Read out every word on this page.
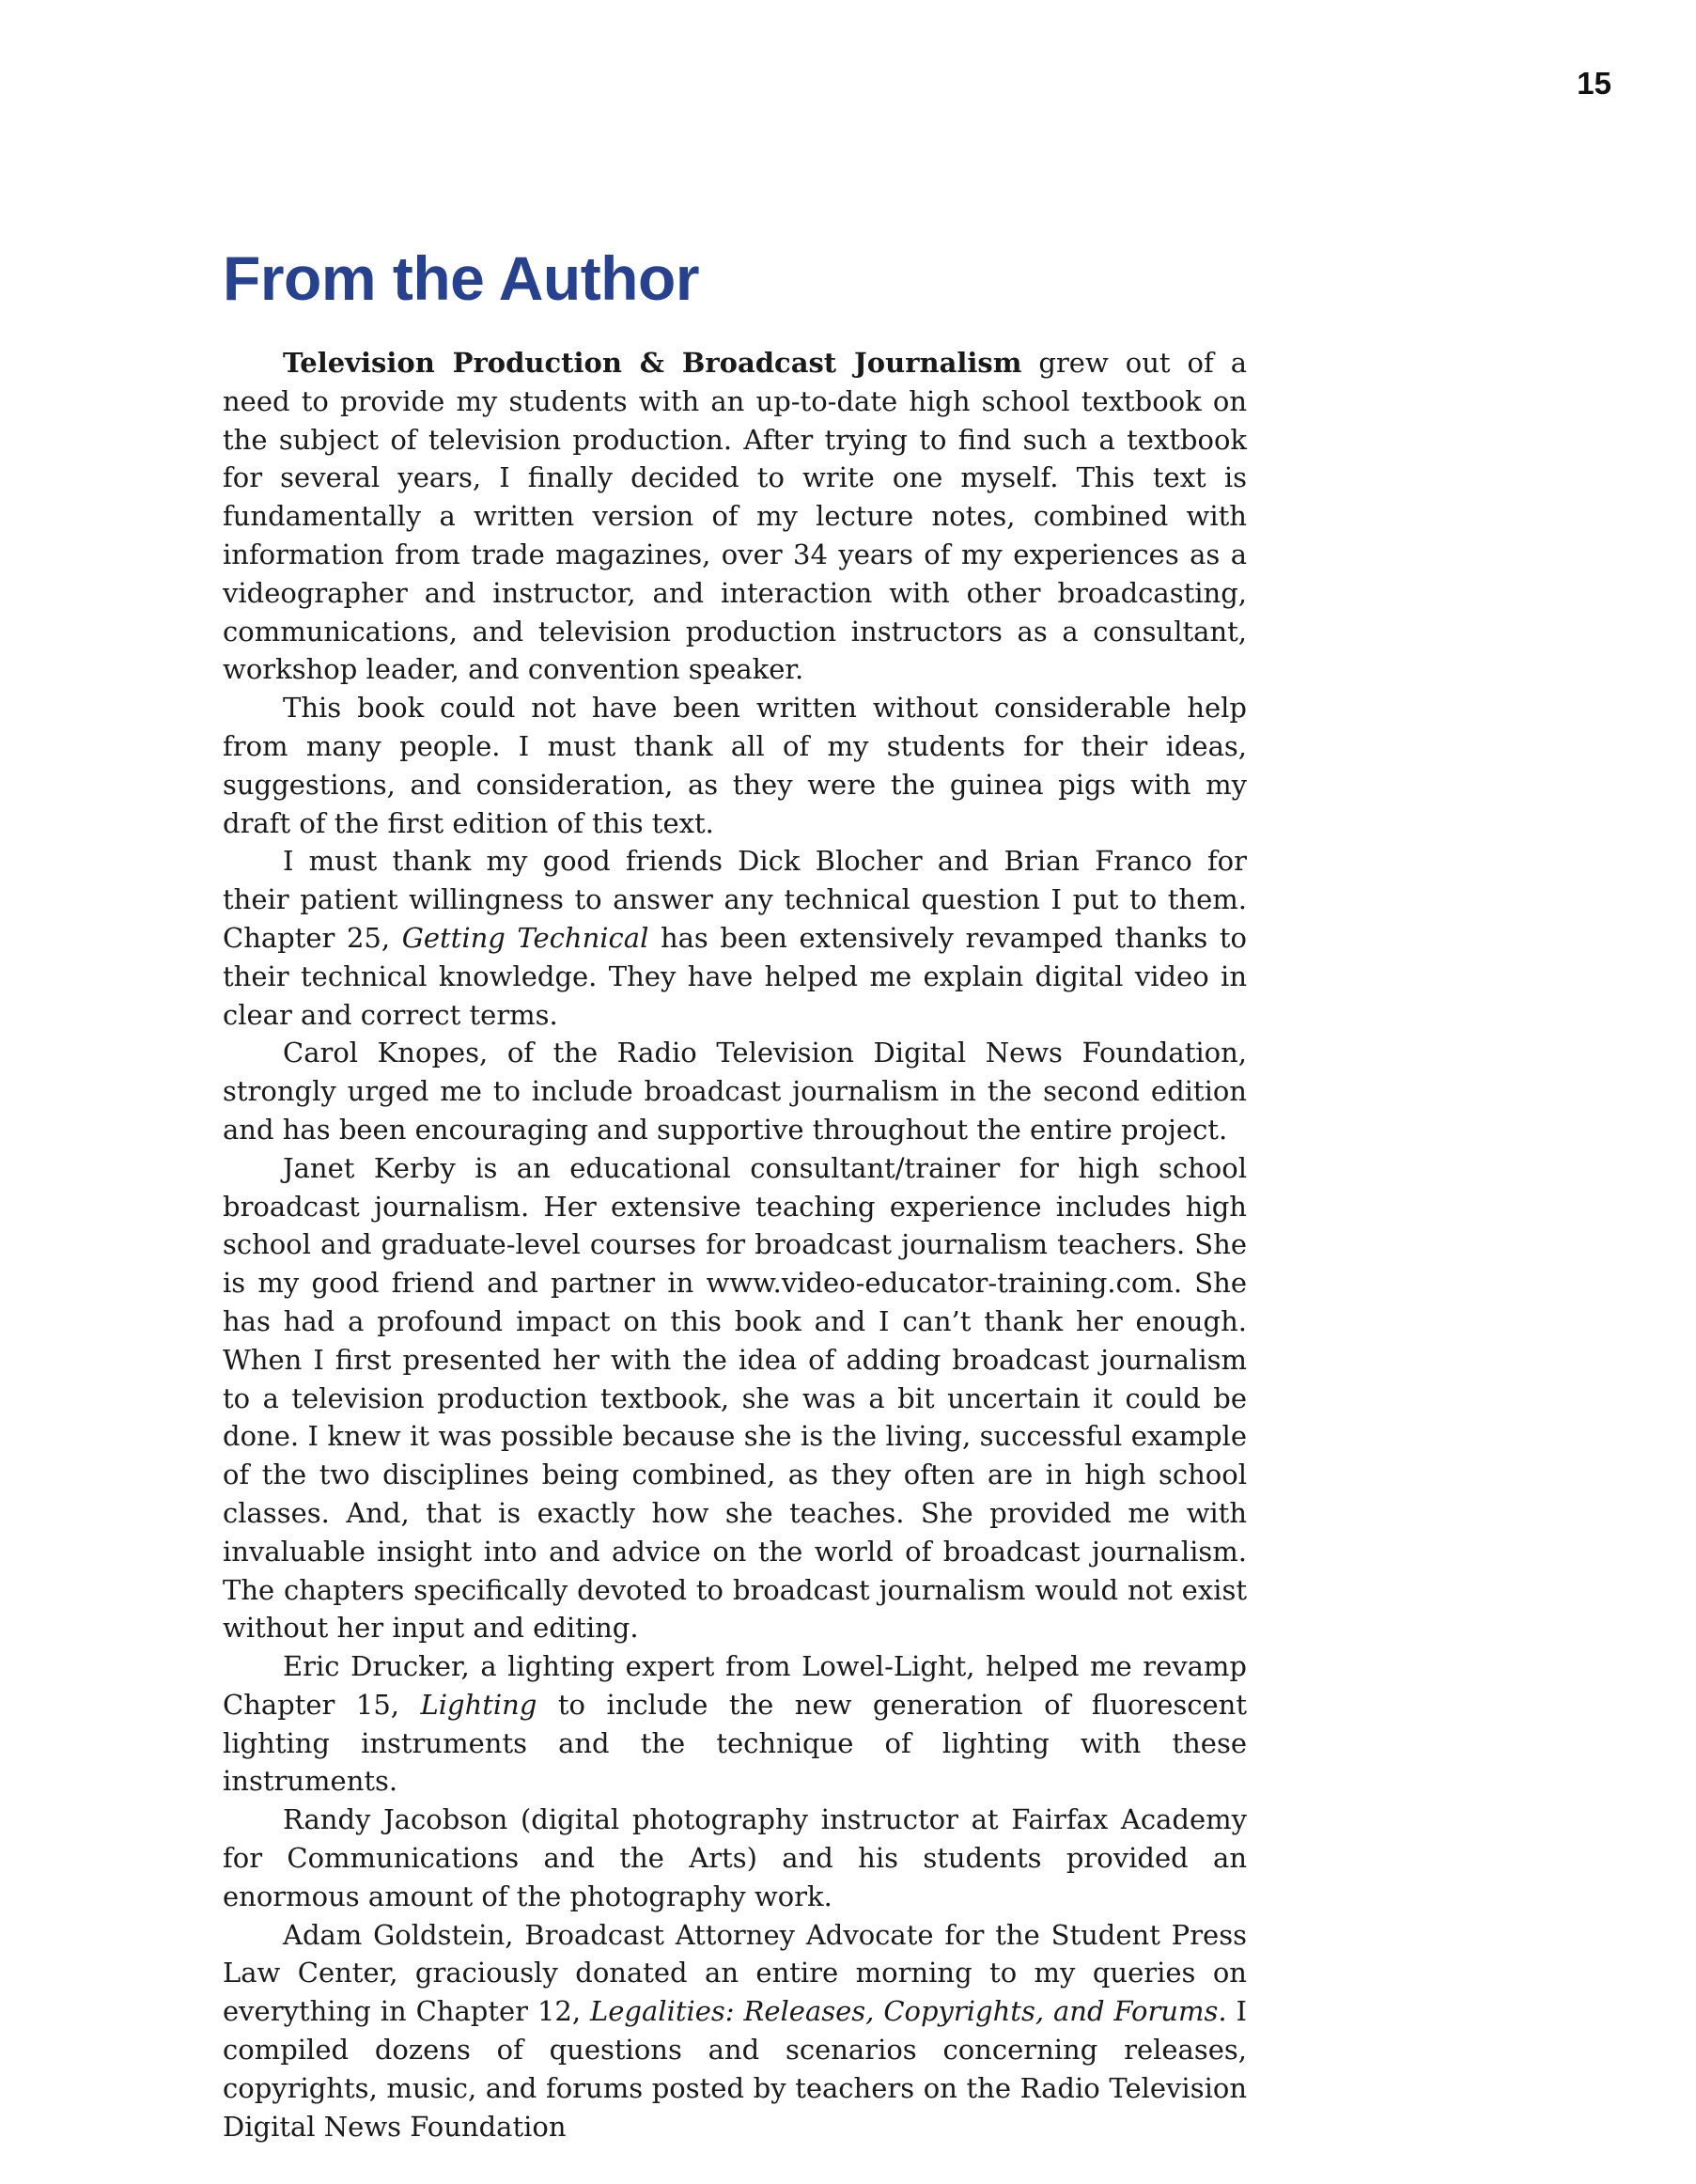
15
From the Author

Television Production & Broadcast Journalism grew out of a need to provide my students with an up-to-date high school textbook on the subject of television production. After trying to find such a textbook for several years, I finally decided to write one myself. This text is fundamentally a written version of my lecture notes, combined with information from trade magazines, over 34 years of my experiences as a videographer and instructor, and interaction with other broadcasting, communications, and television production instructors as a consultant, workshop leader, and convention speaker.

This book could not have been written without considerable help from many people. I must thank all of my students for their ideas, suggestions, and consideration, as they were the guinea pigs with my draft of the first edition of this text.

I must thank my good friends Dick Blocher and Brian Franco for their patient willingness to answer any technical question I put to them. Chapter 25, Getting Technical has been extensively revamped thanks to their technical knowledge. They have helped me explain digital video in clear and correct terms.

Carol Knopes, of the Radio Television Digital News Foundation, strongly urged me to include broadcast journalism in the second edition and has been encouraging and supportive throughout the entire project.

Janet Kerby is an educational consultant/trainer for high school broadcast journalism. Her extensive teaching experience includes high school and graduate-level courses for broadcast journalism teachers. She is my good friend and partner in www.video-educator-training.com. She has had a profound impact on this book and I can’t thank her enough. When I first presented her with the idea of adding broadcast journalism to a television production textbook, she was a bit uncertain it could be done. I knew it was possible because she is the living, successful example of the two disciplines being combined, as they often are in high school classes. And, that is exactly how she teaches. She provided me with invaluable insight into and advice on the world of broadcast journalism. The chapters specifically devoted to broadcast journalism would not exist without her input and editing.

Eric Drucker, a lighting expert from Lowel-Light, helped me revamp Chapter 15, Lighting to include the new generation of fluorescent lighting instruments and the technique of lighting with these instruments.

Randy Jacobson (digital photography instructor at Fairfax Academy for Communications and the Arts) and his students provided an enormous amount of the photography work.

Adam Goldstein, Broadcast Attorney Advocate for the Student Press Law Center, graciously donated an entire morning to my queries on everything in Chapter 12, Legalities: Releases, Copyrights, and Forums. I compiled dozens of questions and scenarios concerning releases, copyrights, music, and forums posted by teachers on the Radio Television Digital News Foundation
